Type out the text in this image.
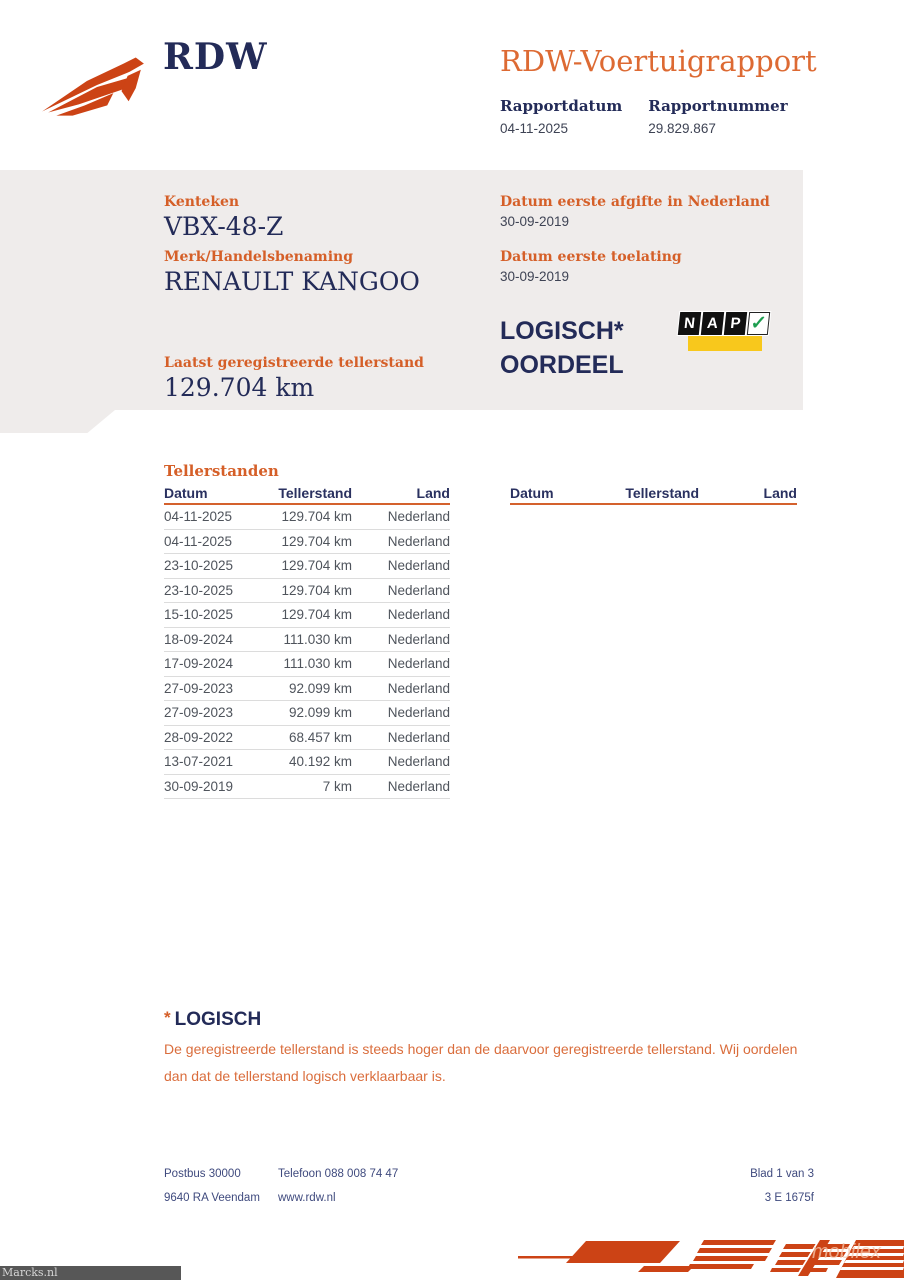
RDW	RDW-Voertuigrapport
Rapportdatum
04-11-2025
Rapportnummer
29.829.867
Kenteken
VBX-48-Z
Merk/Handelsbenaming
RENAULT KANGOO
Laatst geregistreerde tellerstand
129.704 km
Datum eerste afgifte in Nederland
30-09-2019
Datum eerste toelating
30-09-2019
LOGISCH*
OORDEEL
N A P ✓
Tellerstanden
Datum	Tellerstand	Land
04-11-2025	129.704 km	Nederland
04-11-2025	129.704 km	Nederland
23-10-2025	129.704 km	Nederland
23-10-2025	129.704 km	Nederland
15-10-2025	129.704 km	Nederland
18-09-2024	111.030 km	Nederland
17-09-2024	111.030 km	Nederland
27-09-2023	92.099 km	Nederland
27-09-2023	92.099 km	Nederland
28-09-2022	68.457 km	Nederland
13-07-2021	40.192 km	Nederland
30-09-2019	7 km	Nederland
Datum	Tellerstand	Land
* LOGISCH
De geregistreerde tellerstand is steeds hoger dan de daarvoor geregistreerde tellerstand. Wij oordelen dan dat de tellerstand logisch verklaarbaar is.
Postbus 30000	Telefoon 088 008 74 47
9640 RA Veendam www.rdw.nl
Blad 1 van 3
3 E 1675f
mobilex
Marcks.nl
